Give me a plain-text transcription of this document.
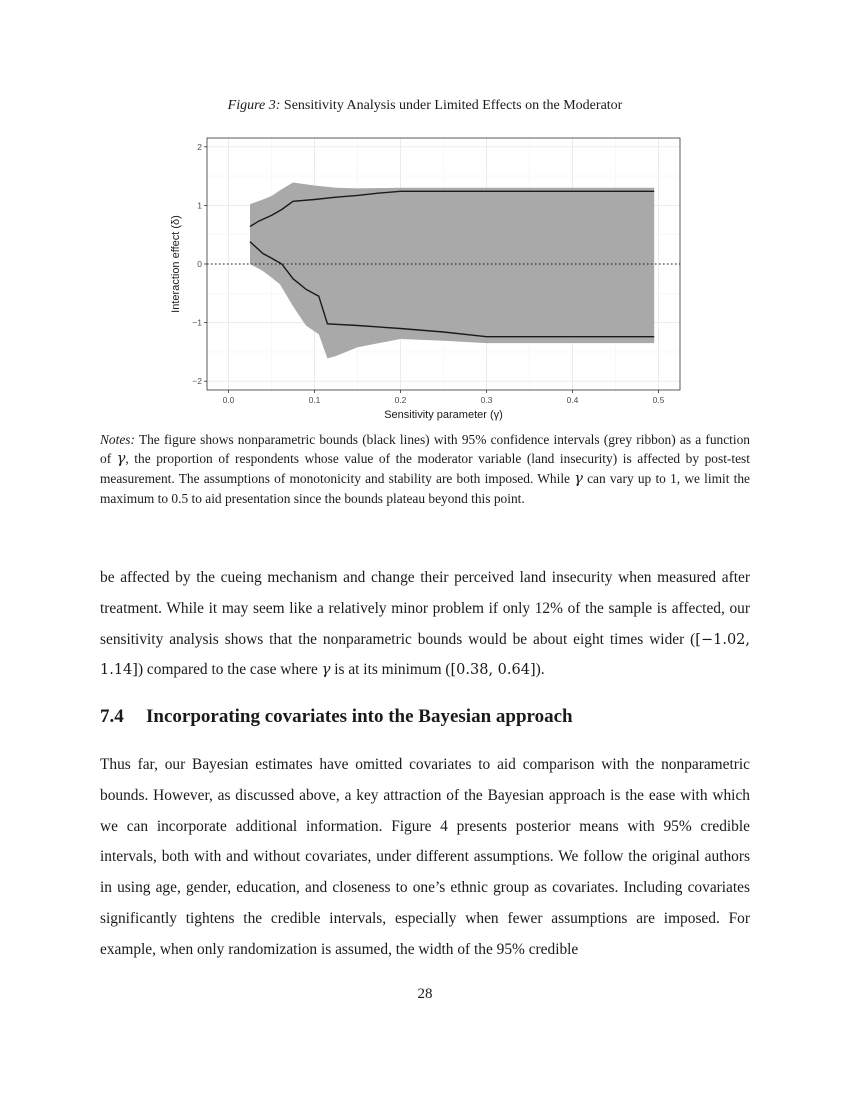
Figure 3: Sensitivity Analysis under Limited Effects on the Moderator
0.0	0.1	0.2	0.3	0.4	0.5
2
1
0
−1
−2
Sensitivity parameter (γ)
Interaction effect (δ)
Notes: The figure shows nonparametric bounds (black lines) with 95% confidence intervals (grey ribbon) as a function of γ, the proportion of respondents whose value of the moderator variable (land insecurity) is affected by post-test measurement. The assumptions of monotonicity and stability are both imposed. While γ can vary up to 1, we limit the maximum to 0.5 to aid presentation since the bounds plateau beyond this point.
be affected by the cueing mechanism and change their perceived land insecurity when measured after treatment. While it may seem like a relatively minor problem if only 12% of the sample is affected, our sensitivity analysis shows that the nonparametric bounds would be about eight times wider ([−1.02, 1.14]) compared to the case where γ is at its minimum ([0.38, 0.64]).
7.4 Incorporating covariates into the Bayesian approach
Thus far, our Bayesian estimates have omitted covariates to aid comparison with the nonparametric bounds. However, as discussed above, a key attraction of the Bayesian approach is the ease with which we can incorporate additional information. Figure 4 presents posterior means with 95% credible intervals, both with and without covariates, under different assumptions. We follow the original authors in using age, gender, education, and closeness to one’s ethnic group as covariates. Including covariates significantly tightens the credible intervals, especially when fewer assumptions are imposed. For example, when only randomization is assumed, the width of the 95% credible
28
